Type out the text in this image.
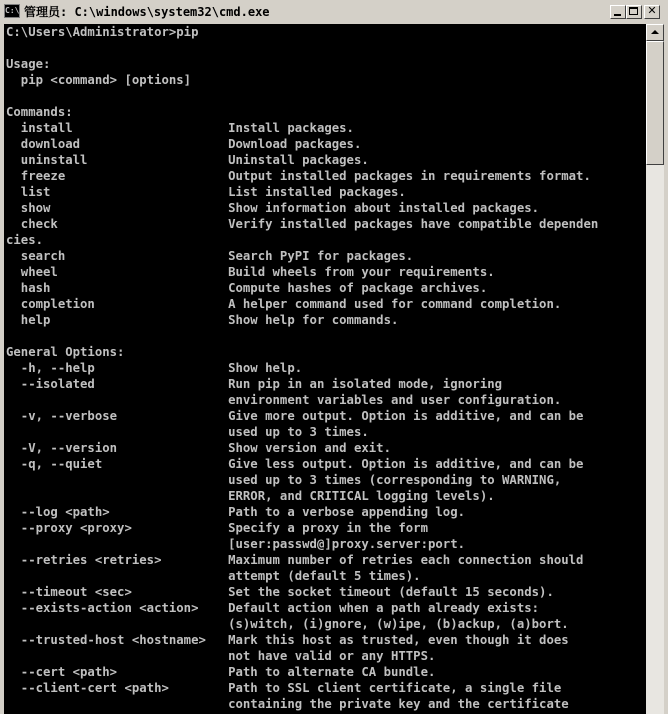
C:\ 管理员: C:\windows\system32\cmd.exe	✕
C:\Users\Administrator>pip

Usage:
pip <command> [options]

Commands:
install                     Install packages.
download                    Download packages.
uninstall                   Uninstall packages.
freeze                      Output installed packages in requirements format.
list                        List installed packages.
show                        Show information about installed packages.
check                       Verify installed packages have compatible dependen
cies.
search                      Search PyPI for packages.
wheel                       Build wheels from your requirements.
hash                        Compute hashes of package archives.
completion                  A helper command used for command completion.
help                        Show help for commands.

General Options:
-h, --help                  Show help.
--isolated                  Run pip in an isolated mode, ignoring
environment variables and user configuration.
-v, --verbose               Give more output. Option is additive, and can be
used up to 3 times.
-V, --version               Show version and exit.
-q, --quiet                 Give less output. Option is additive, and can be
used up to 3 times (corresponding to WARNING,
ERROR, and CRITICAL logging levels).
--log <path>                Path to a verbose appending log.
--proxy <proxy>             Specify a proxy in the form
[user:passwd@]proxy.server:port.
--retries <retries>         Maximum number of retries each connection should
attempt (default 5 times).
--timeout <sec>             Set the socket timeout (default 15 seconds).
--exists-action <action>    Default action when a path already exists:
(s)witch, (i)gnore, (w)ipe, (b)ackup, (a)bort.
--trusted-host <hostname>   Mark this host as trusted, even though it does
not have valid or any HTTPS.
--cert <path>               Path to alternate CA bundle.
--client-cert <path>        Path to SSL client certificate, a single file
containing the private key and the certificate
